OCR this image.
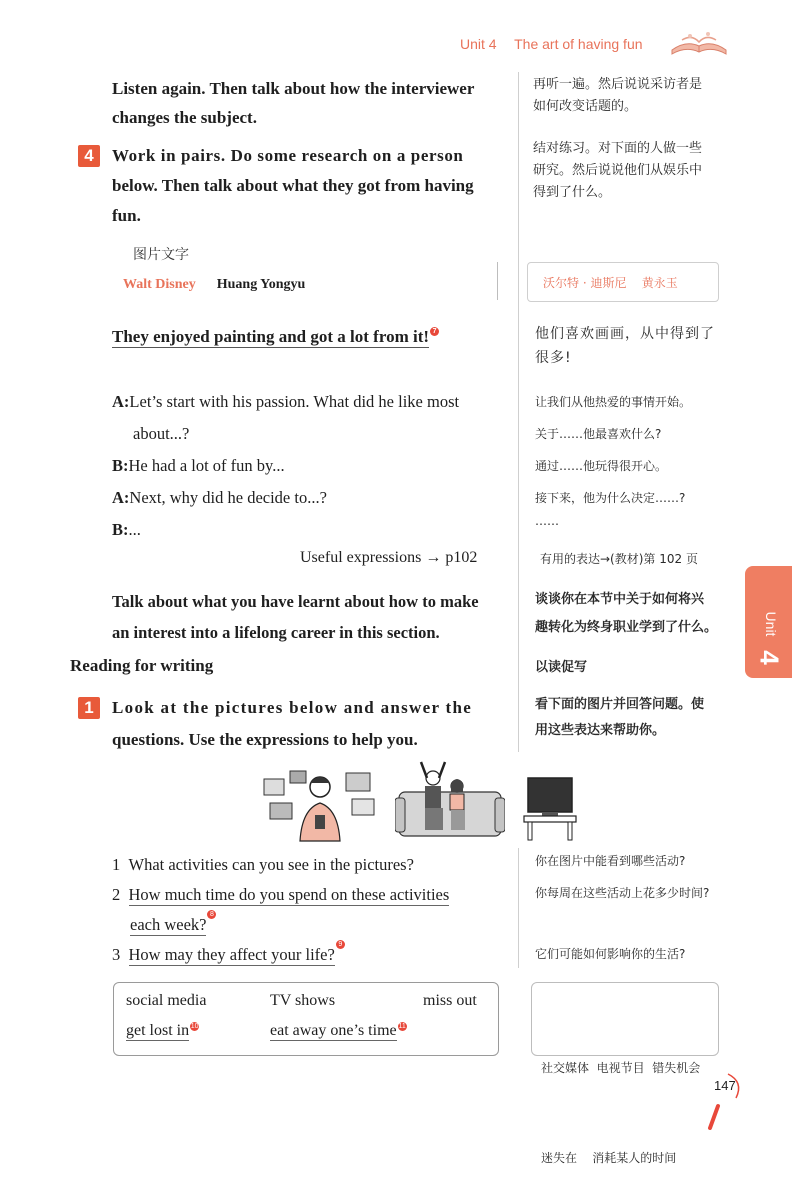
Unit 4 The art of having fun
Listen again. Then talk about how the interviewer
changes the subject.
再听一遍。然后说说采访者是
如何改变话题的。
4	Work in pairs. Do some research on a person
below. Then talk about what they got from having
fun.
结对练习。对下面的人做一些
研究。然后说说他们从娱乐中
得到了什么。
图片文字
Walt Disney Huang Yongyu	沃尔特 · 迪斯尼    黄永玉
They enjoyed painting and got a lot from it! 7	他们喜欢画画，从中得到了
很多!
A:Let’s start with his passion. What did he like most
about...?
B:He had a lot of fun by...
A:Next, why did he decide to...?
B:...
让我们从他热爱的事情开始。
关于……他最喜欢什么?
通过……他玩得很开心。
接下来，他为什么决定……?
……
Useful expressions → p102	有用的表达→(教材)第 102 页
Talk about what you have learnt about how to make
an interest into a lifelong career in this section.
谈谈你在本节中关于如何将兴
趣转化为终身职业学到了什么。
Reading for writing	以读促写
1	Look at the pictures below and answer the
questions. Use the expressions to help you.
看下面的图片并回答问题。使
用这些表达来帮助你。
1 What activities can you see in the pictures?
2 How much time do you spend on these activities
each week?8
3 How may they affect your life?9
你在图片中能看到哪些活动?
你每周在这些活动上花多少时间?
它们可能如何影响你的生活?
social media	TV shows	miss out
get lost in 10	eat away one’s time 11

社交媒体  电视节目  错失机会

迷失在    消耗某人的时间

Unit
4
147
